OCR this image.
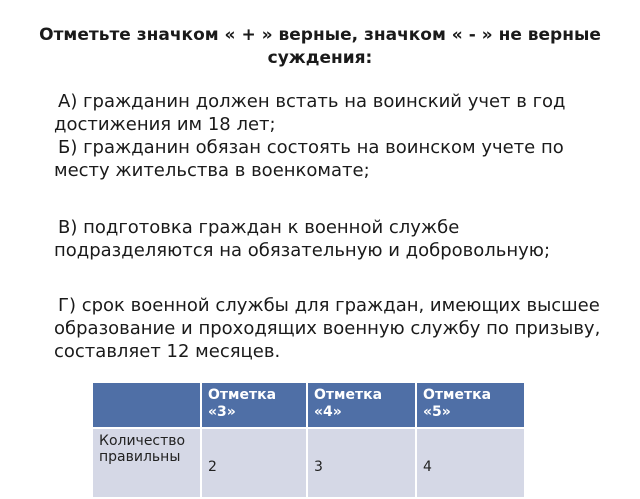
Отметьте значком « + » верные, значком « - » не верные суждения:

А) гражданин должен встать на воинский учет в год достижения им 18 лет;

Б) гражданин обязан состоять на воинском учете по месту жительства в военкомате;

В) подготовка граждан к военной службе подразделяются на обязательную и добровольную;

Г) срок военной службы для граждан, имеющих высшее образование и проходящих военную службу по призыву, составляет 12 месяцев.

	Отметка «3»	Отметка «4»	Отметка «5»

Количество правильны	2	3	4
